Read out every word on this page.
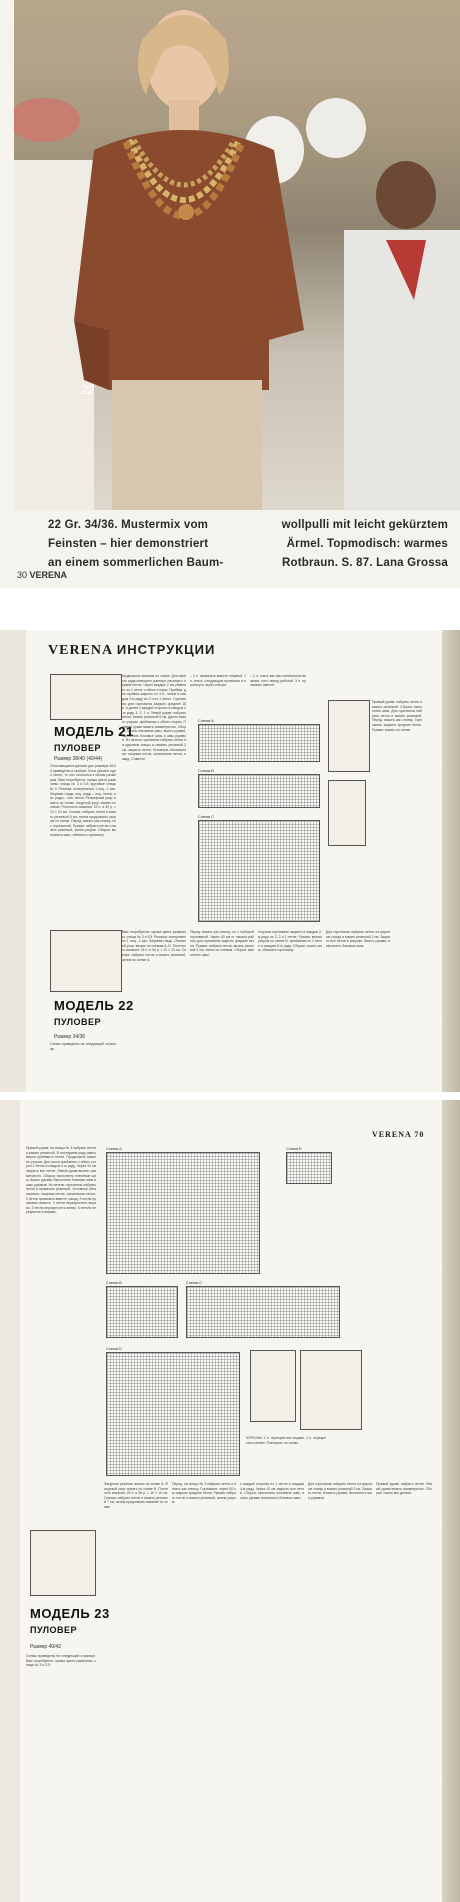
22
22 Gr. 34/36. Mustermix vom	wollpulli mit leicht gekürztem
Feinsten – hier demonstriert	Ärmel. Topmodisch: warmes
an einem sommerlichen Baum-	Rotbraun. S. 87. Lana Grossa
30 VERENA
VERENA ИНСТРУКЦИИ
МОДЕЛЬ 21
ПУЛОВЕР
Размер 38/40 (40/44)
Отличающиеся данные для размера 40/44 приведены в скобках. Если указано одно число, то оно относится к обоим размерам. Вам потребуется: пряжа цвета ржавчины; спицы № 3 и 3,5; круговые спицы № 3. Резинка: попеременно 1 лиц., 1 изн. Лицевая гладь: лиц. ряды – лиц. петли, изн. ряды – изн. петли. Рельефный узор: вязать по схеме. Ажурный узор: вязать по схеме. Плотность вязания: 22 п. и 30 р. = 10 × 10 см. Спинка: набрать петли и вязать резинкой 5 см, затем продолжить узором по схеме. Перед: вязать как спинку, но с горловиной. Рукава: набрать петли и вязать резинкой, затем узором. Сборка: выполнить швы, обвязать горловину.
продолжить вязание по схеме. Для первого ряда повторять раппорт, начиная с первой петли. Через каждые 2 см убавлять по 1 петле с обеих сторон. Проймы: для проймы закрыть по 4 п., затем в каждом 2-м ряду по 2 и по 1 петле. Горловина: для горловины закрыть средние 18 п. и далее с каждой стороны в каждом 2-м ряду 3, 2, 1 п. Левый рукав: набрать петли, вязать резинкой 6 см. Далее вязать узором, прибавляя с обеих сторон. Правый рукав вязать симметрично. Сборка: сшить плечевые швы, вшить рукава, выполнить боковые швы и швы рукавов. Из петель горловины набрать петли на круговые спицы и связать резинкой 3 см, закрыть петли. Условные обозначения: лицевая петля, изнаночная петля, накид, 2 вместе.
– 2 п. провязать вместе лицевой. 1 п. снять, следующую провязать и протянуть через снятую.
– 1 п. снять как при изнаночном вязании, нить перед работой. 3 п. провязать вместе.
Схема А
Схема В
Схема С
Правый рукав: набрать петли и вязать резинкой. Сборка: выполнить швы. Для горловины набрать петли и вязать резинкой. Перед: вязать как спинку. Горловина: закрыть средние петли. Рукава: вязать по схеме.
МОДЕЛЬ 22
ПУЛОВЕР
Размер 34/36
Схемы приведены на следующей странице.
Вам потребуется: пряжа цвета ржавчины; спицы № 3 и 3,5. Резинка: попеременно 1 лиц., 1 изн. Лицевая гладь. Основной узор: вязать по схемам А–D. Плотность вязания: 24 п. и 34 р. = 10 × 10 см. Спинка: набрать петли и вязать резинкой, затем по схеме А.
Перед: вязать как спинку, но с глубокой горловиной. Через 40 см от начала работы для горловины закрыть средние петли. Рукава: набрать петли, вязать резинкой 6 см, затем по схемам. Сборка: выполнить швы.
стороны горловины закрыть в каждом 2-м ряду по 3, 2 и 1 петле. Рукава: вязать узором по схеме В, прибавляя по 1 петле в каждом 6-м ряду. Сборка: сшить швы, обвязать горловину.
Для горловины набрать петли на круговые спицы и вязать резинкой 2 см. Закрыть все петли в рисунке. Вшить рукава, выполнить боковые швы.
VERENA 70
Правый рукав: на спицы № 3 набрать петли и вязать резинкой. В последнем ряду равномерно прибавить петли. Продолжить вязание узором. Для скоса прибавить с обеих сторон 2 петли в каждом 4-м ряду. Через 44 см закрыть все петли. Левый рукав вязать симметрично. Сборка: выполнить плечевые швы, вшить рукава. Выполнить боковые швы и швы рукавов. Из петель горловины набрать петли и провязать резинкой. Условные обозначения: лицевая петля, изнаночная петля, 2 петли провязать вместе, накид, 3 петли провязать вместе, 2 петли перекрестить вправо, 2 петли перекрестить влево, 6 петель перекрестить вправо.
Схема А
Схема В	Схема С
Схема D
Схема E
КУРКУМА: 2 п. перекрестить вправо, 2 п. перекрестить влево. Повторять по схеме.
МОДЕЛЬ 23
ПУЛОВЕР
Размер 40/42
Схемы приведены на следующей странице. Вам потребуется: пряжа цвета ржавчины; спицы № 3 и 3,5.
Фигурная резинка: вязать по схеме А. Фигурный узор: вязать по схеме В. Плотность вязания: 25 п. и 36 р. = 10 × 10 см. Спинка: набрать петли и вязать резинкой 7 см, затем продолжить вязание по схеме.
Перед: на спицы № 3 набрать петли и вязать как спинку. Горловина: через 50 см закрыть средние петли. Рукава: набрать петли и вязать резинкой, затем узором.
с каждой стороны по 1 петле в каждом 4-м ряду. Через 42 см закрыть все петли. Сборка: выполнить плечевые швы, вшить рукава, выполнить боковые швы.
Для горловины набрать петли на круговые спицы и вязать резинкой 3 см. Закрыть петли. Втачать рукава. Выполнить швы рукавов.
Правый рукав: набрать петли. Левый рукав вязать симметрично. Сборка: сшить все детали.
